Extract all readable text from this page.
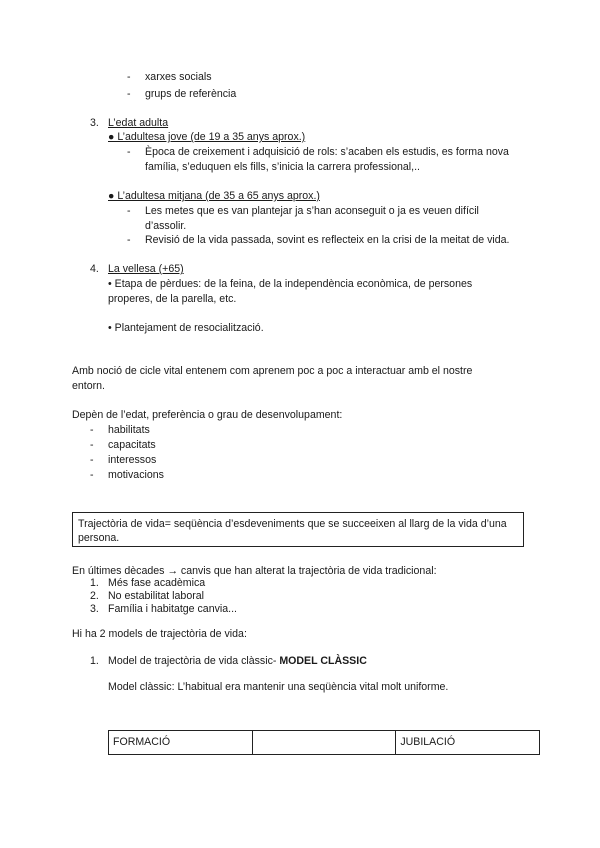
- xarxes socials
- grups de referència
3. L’edat adulta
● L’adultesa jove (de 19 a 35 anys aprox.)
- Època de creixement i adquisició de rols: s’acaben els estudis, es forma nova
família, s’eduquen els fills, s’inicia la carrera professional,..
● L’adultesa mitjana (de 35 a 65 anys aprox.)
- Les metes que es van plantejar ja s’han aconseguit o ja es veuen difícil
d’assolir.
- Revisió de la vida passada, sovint es reflecteix en la crisi de la meitat de vida.
4. La vellesa (+65)
• Etapa de pèrdues: de la feina, de la independència econòmica, de persones
properes, de la parella, etc.
• Plantejament de resocialització.
Amb noció de cicle vital entenem com aprenem poc a poc a interactuar amb el nostre
entorn.
Depèn de l’edat, preferència o grau de desenvolupament:
- habilitats
- capacitats
- interessos
- motivacions
Trajectòria de vida= seqüència d’esdeveniments que se succeeixen al llarg de la vida d’una persona.
En últimes dècades → canvis que han alterat la trajectòria de vida tradicional:
1. Més fase acadèmica
2. No estabilitat laboral
3. Família i habitatge canvia...
Hi ha 2 models de trajectòria de vida:
1. Model de trajectòria de vida clàssic- MODEL CLÀSSIC
Model clàssic: L’habitual era mantenir una seqüència vital molt uniforme.
FORMACIÓ		JUBILACIÓ
